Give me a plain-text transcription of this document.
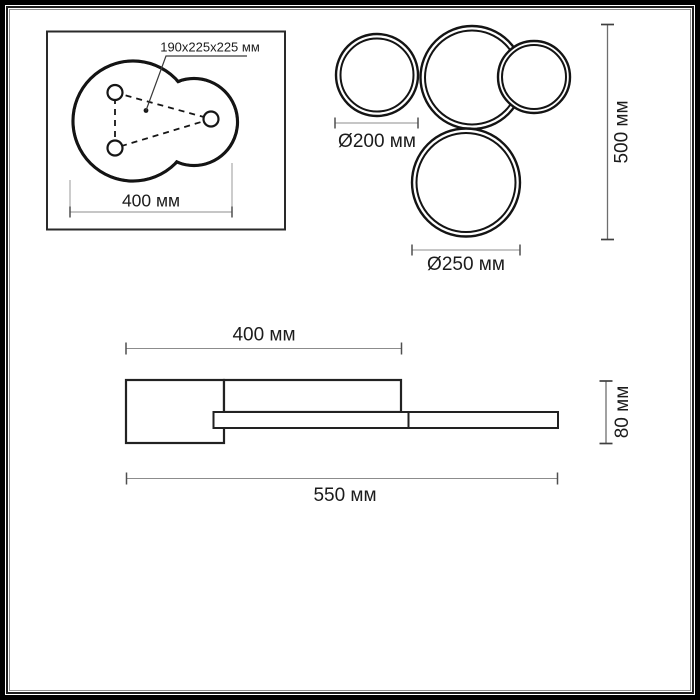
190x225x225 мм
400 мм
Ø200 мм
Ø250 мм
500 мм
400 мм
550 мм
80 мм
